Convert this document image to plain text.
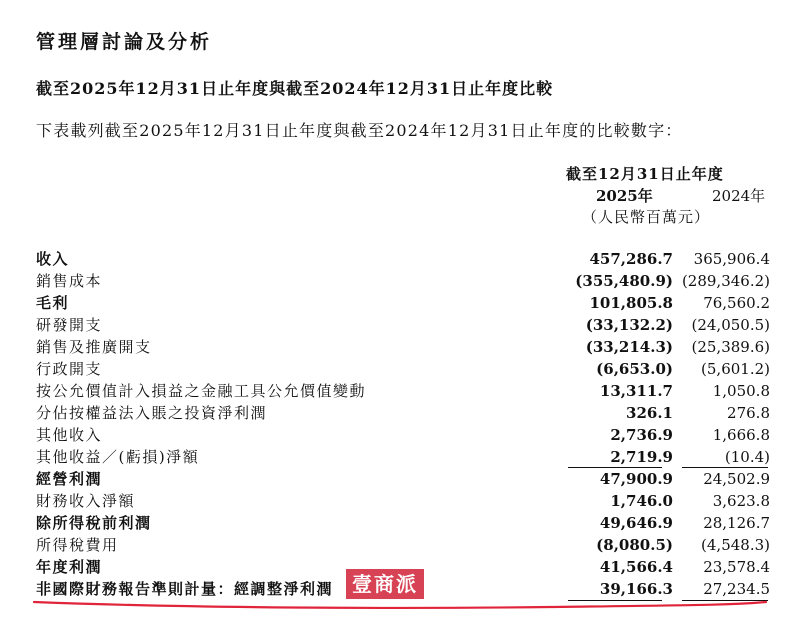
管理層討論及分析
截至2025年12月31日止年度與截至2024年12月31日止年度比較
下表載列截至2025年12月31日止年度與截至2024年12月31日止年度的比較數字：
截至12月31日止年度
2025年	2024年
（人民幣百萬元）
收入	457,286.7 365,906.4
銷售成本	(355,480.9) (289,346.2)
毛利	101,805.8 76,560.2
研發開支	(33,132.2) (24,050.5)
銷售及推廣開支	(33,214.3) (25,389.6)
行政開支	(6,653.0) (5,601.2)
按公允價值計入損益之金融工具公允價值變動	13,311.7	1,050.8
分佔按權益法入賬之投資淨利潤	326.1	276.8
其他收入	2,736.9	1,666.8
其他收益／(虧損)淨額	2,719.9	(10.4)
經營利潤	47,900.9 24,502.9
財務收入淨額	1,746.0	3,623.8
除所得稅前利潤	49,646.9 28,126.7
所得稅費用	(8,080.5) (4,548.3)
年度利潤	41,566.4 23,578.4
非國際財務報告準則計量：經調整淨利潤	39,166.3 27,234.5
壹商派
